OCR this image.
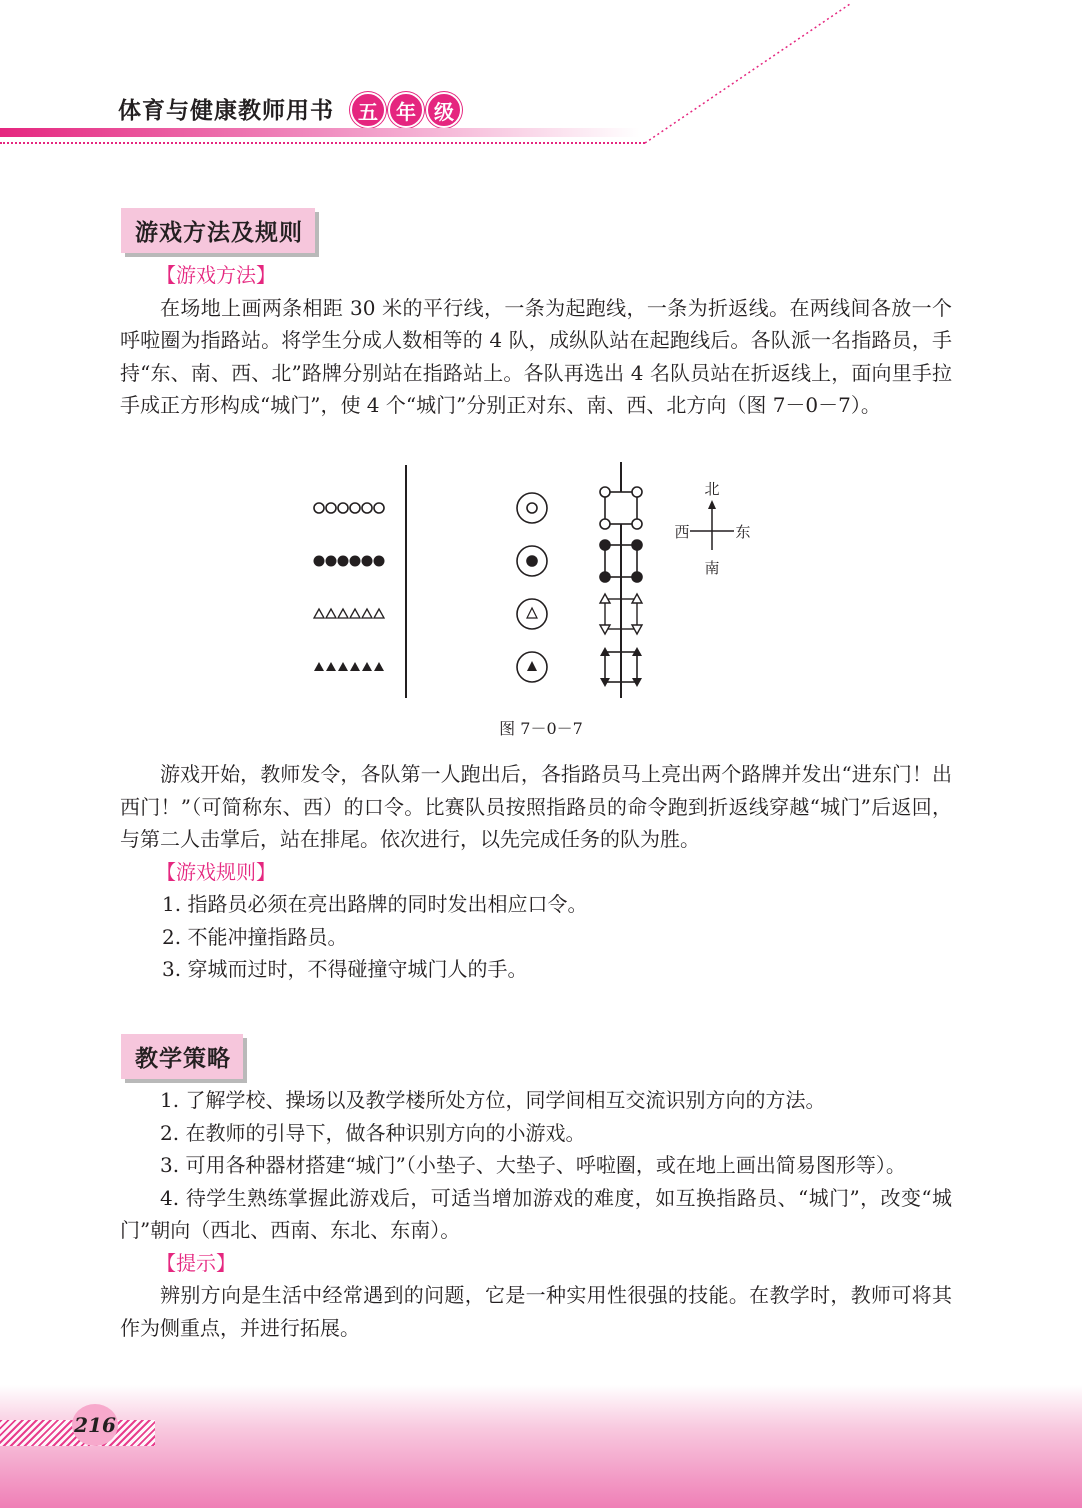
体育与健康教师用书	五 年 级
游戏方法及规则

【游戏方法】

在场地上画两条相距 30 米的平行线，一条为起跑线，一条为折返线。在两线间各放一个呼啦圈为指路站。将学生分成人数相等的 4 队，成纵队站在起跑线后。各队派一名指路员，手持“东、南、西、北”路牌分别站在指路站上。各队再选出 4 名队员站在折返线上，面向里手拉手成正方形构成“城门”，使 4 个“城门”分别正对东、南、西、北方向（图 7－0－7）。

北
南
西	东
图 7－0－7

游戏开始，教师发令，各队第一人跑出后，各指路员马上亮出两个路牌并发出“进东门！出西门！”（可简称东、西）的口令。比赛队员按照指路员的命令跑到折返线穿越“城门”后返回，与第二人击掌后，站在排尾。依次进行，以先完成任务的队为胜。

【游戏规则】

1. 指路员必须在亮出路牌的同时发出相应口令。

2. 不能冲撞指路员。

3. 穿城而过时，不得碰撞守城门人的手。

教学策略

1. 了解学校、操场以及教学楼所处方位，同学间相互交流识别方向的方法。

2. 在教师的引导下，做各种识别方向的小游戏。

3. 可用各种器材搭建“城门”（小垫子、大垫子、呼啦圈，或在地上画出简易图形等）。

4. 待学生熟练掌握此游戏后，可适当增加游戏的难度，如互换指路员、“城门”，改变“城门”朝向（西北、西南、东北、东南）。

【提示】

辨别方向是生活中经常遇到的问题，它是一种实用性很强的技能。在教学时，教师可将其作为侧重点，并进行拓展。

216
